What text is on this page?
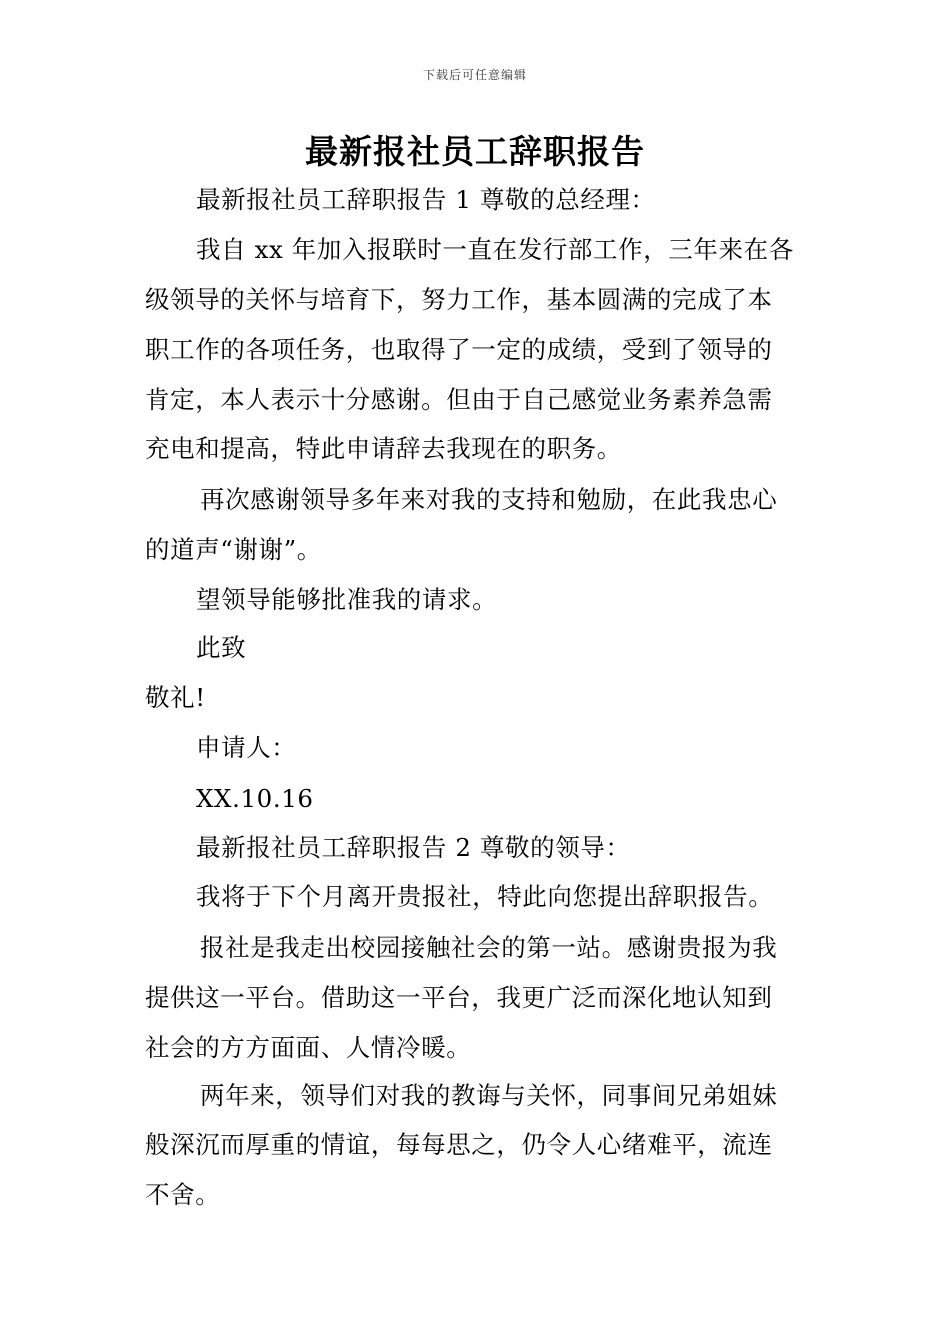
下载后可任意编辑
最新报社员工辞职报告
最新报社员工辞职报告 1 尊敬的总经理：
我自 xx 年加入报联时一直在发行部工作，三年来在各
级领导的关怀与培育下，努力工作，基本圆满的完成了本
职工作的各项任务，也取得了一定的成绩，受到了领导的
肯定，本人表示十分感谢。但由于自己感觉业务素养急需
充电和提高，特此申请辞去我现在的职务。
再次感谢领导多年来对我的支持和勉励，在此我忠心
的道声“谢谢”。
望领导能够批准我的请求。
此致
敬礼!
申请人：
XX.10.16
最新报社员工辞职报告 2 尊敬的领导：
我将于下个月离开贵报社，特此向您提出辞职报告。
报社是我走出校园接触社会的第一站。感谢贵报为我
提供这一平台。借助这一平台，我更广泛而深化地认知到
社会的方方面面、人情冷暖。
两年来，领导们对我的教诲与关怀，同事间兄弟姐妹
般深沉而厚重的情谊，每每思之，仍令人心绪难平，流连
不舍。
